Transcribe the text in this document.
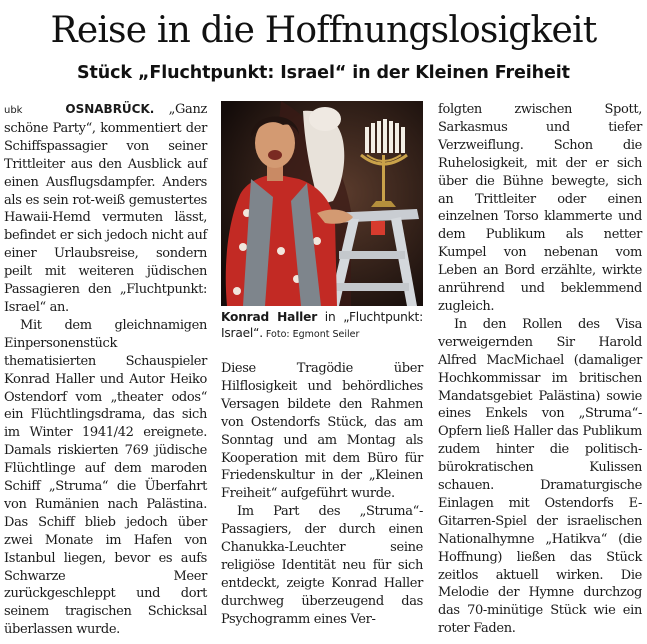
Reise in die Hoffnungslosigkeit
Stück „Fluchtpunkt: Israel“ in der Kleinen Freiheit

ubk	OSNABRÜCK. „Ganz schöne Party“, kommentiert der Schiffspassagier von seiner Trittleiter aus den Ausblick auf einen Ausflugsdampfer. Anders als es sein rot-weiß gemustertes Hawaii-Hemd vermuten lässt, befindet er sich jedoch nicht auf einer Urlaubsreise, sondern peilt mit weiteren jüdischen Passagieren den „Fluchtpunkt: Israel“ an.

Mit dem gleichnamigen Einpersonenstück thematisierten Schauspieler Konrad Haller und Autor Heiko Ostendorf vom „theater odos“ ein Flüchtlingsdrama, das sich im Winter 1941/42 ereignete. Damals riskierten 769 jüdische Flüchtlinge auf dem maroden Schiff „Struma“ die Überfahrt von Rumänien nach Palästina. Das Schiff blieb jedoch über zwei Monate im Hafen von Istanbul liegen, bevor es aufs Schwarze Meer zurückgeschleppt und dort seinem tragischen Schicksal überlassen wurde.

Konrad Haller in „Fluchtpunkt: Israel“. Foto: Egmont Seiler

Diese Tragödie über Hilflosigkeit und behördliches Versagen bildete den Rahmen von Ostendorfs Stück, das am Sonntag und am Montag als Kooperation mit dem Büro für Friedenskultur in der „Kleinen Freiheit“ aufgeführt wurde.

Im Part des „Struma“-Passagiers, der durch einen Chanukka-Leuchter seine religiöse Identität neu für sich entdeckt, zeigte Konrad Haller durchweg überzeugend das Psychogramm eines Ver-

folgten zwischen Spott, Sarkasmus und tiefer Verzweiflung. Schon die Ruhelosigkeit, mit der er sich über die Bühne bewegte, sich an Trittleiter oder einen einzelnen Torso klammerte und dem Publikum als netter Kumpel von nebenan vom Leben an Bord erzählte, wirkte anrührend und beklemmend zugleich.

In den Rollen des Visa verweigernden Sir Harold Alfred MacMichael (damaliger Hochkommissar im britischen Mandatsgebiet Palästina) sowie eines Enkels von „Struma“-Opfern ließ Haller das Publikum zudem hinter die politisch-bürokratischen Kulissen schauen. Dramaturgische Einlagen mit Ostendorfs E-Gitarren-Spiel der israelischen Nationalhymne „Hatikva“ (die Hoffnung) ließen das Stück zeitlos aktuell wirken. Die Melodie der Hymne durchzog das 70-minütige Stück wie ein roter Faden.
